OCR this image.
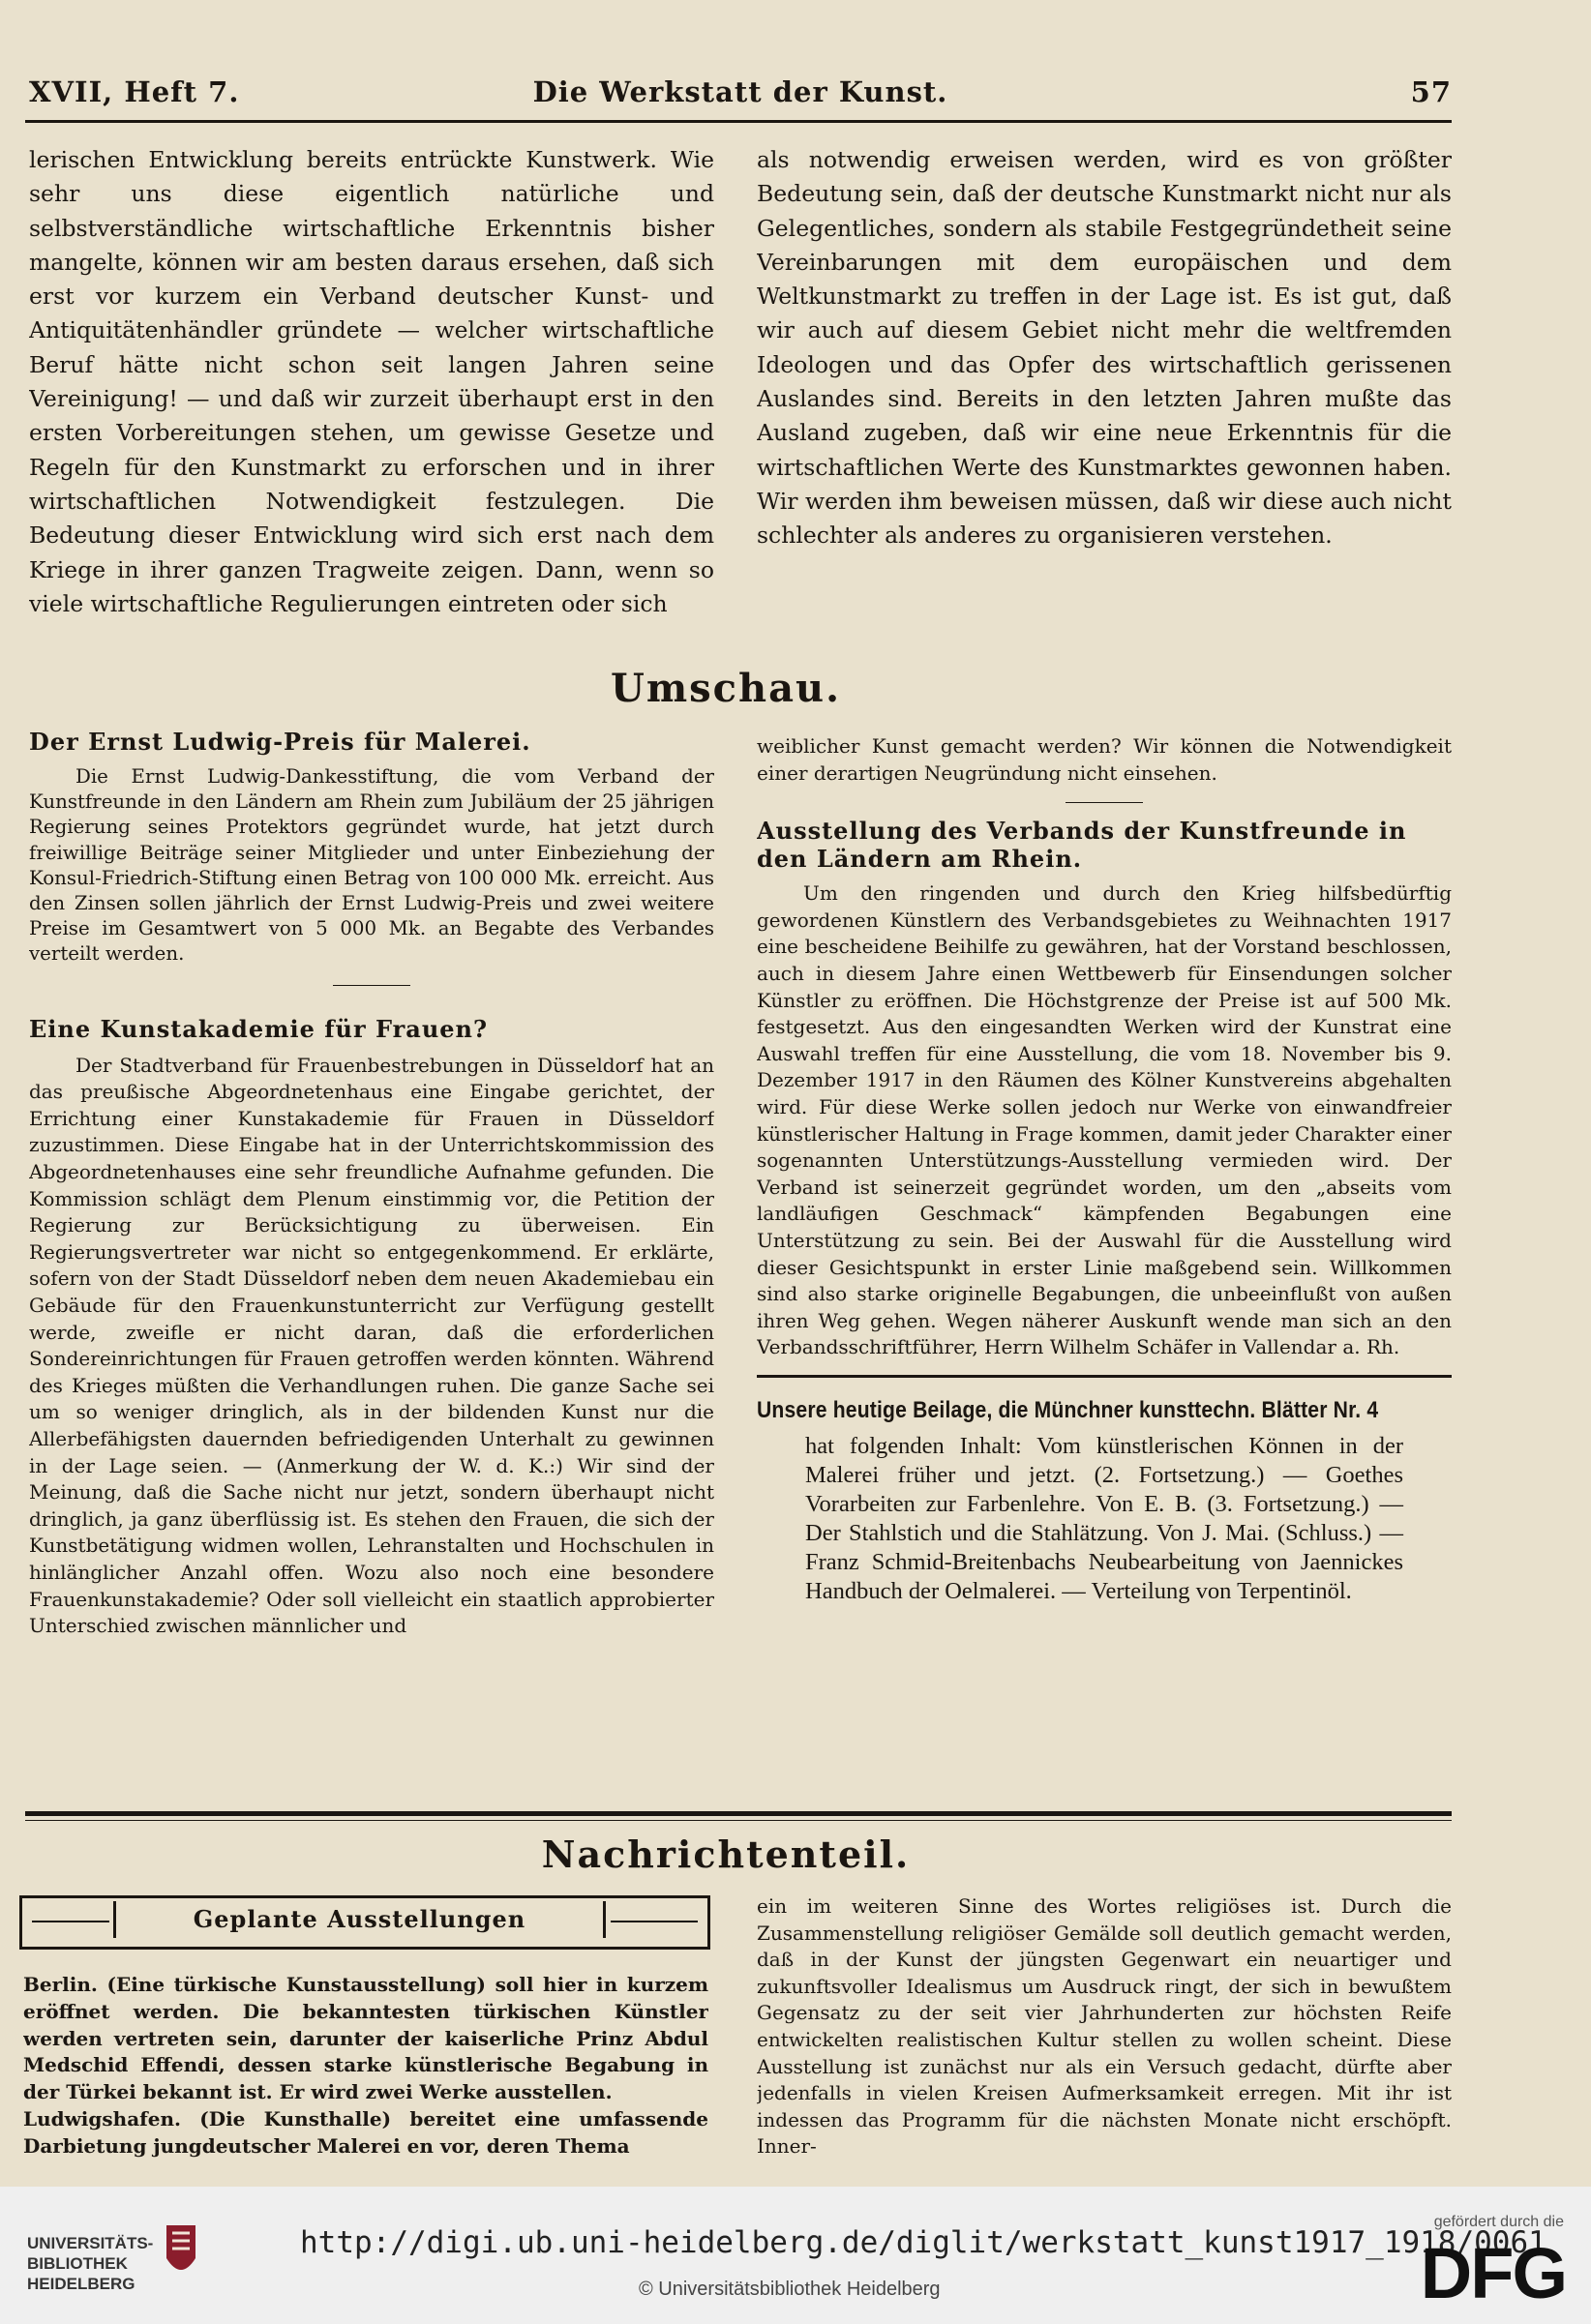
XVII, Heft 7.	Die Werkstatt der Kunst.	57

lerischen Entwicklung bereits entrückte Kunstwerk. Wie sehr uns diese eigentlich natürliche und selbstverständliche wirtschaftliche Erkenntnis bisher mangelte, können wir am besten daraus ersehen, daß sich erst vor kurzem ein Verband deutscher Kunst- und Antiquitätenhändler gründete — welcher wirtschaftliche Beruf hätte nicht schon seit langen Jahren seine Vereinigung! — und daß wir zurzeit überhaupt erst in den ersten Vorbereitungen stehen, um gewisse Gesetze und Regeln für den Kunstmarkt zu erforschen und in ihrer wirtschaftlichen Notwendigkeit festzulegen. Die Bedeutung dieser Entwicklung wird sich erst nach dem Kriege in ihrer ganzen Tragweite zeigen. Dann, wenn so viele wirtschaftliche Regulierungen eintreten oder sich

als notwendig erweisen werden, wird es von größter Bedeutung sein, daß der deutsche Kunstmarkt nicht nur als Gelegentliches, sondern als stabile Festgegründetheit seine Vereinbarungen mit dem europäischen und dem Weltkunstmarkt zu treffen in der Lage ist. Es ist gut, daß wir auch auf diesem Gebiet nicht mehr die weltfremden Ideologen und das Opfer des wirtschaftlich gerissenen Auslandes sind. Bereits in den letzten Jahren mußte das Ausland zugeben, daß wir eine neue Erkenntnis für die wirtschaftlichen Werte des Kunstmarktes gewonnen haben. Wir werden ihm beweisen müssen, daß wir diese auch nicht schlechter als anderes zu organisieren verstehen.

Umschau.

Der Ernst Ludwig-Preis für Malerei.

Die Ernst Ludwig-Dankesstiftung, die vom Verband der Kunstfreunde in den Ländern am Rhein zum Jubiläum der 25 jährigen Regierung seines Protektors gegründet wurde, hat jetzt durch freiwillige Beiträge seiner Mitglieder und unter Einbeziehung der Konsul-Friedrich-Stiftung einen Betrag von 100 000 Mk. erreicht. Aus den Zinsen sollen jährlich der Ernst Ludwig-Preis und zwei weitere Preise im Gesamtwert von 5 000 Mk. an Begabte des Verbandes verteilt werden.

Eine Kunstakademie für Frauen?

Der Stadtverband für Frauenbestrebungen in Düsseldorf hat an das preußische Abgeordnetenhaus eine Eingabe gerichtet, der Errichtung einer Kunstakademie für Frauen in Düsseldorf zuzustimmen. Diese Eingabe hat in der Unterrichtskommission des Abgeordnetenhauses eine sehr freundliche Aufnahme gefunden. Die Kommission schlägt dem Plenum einstimmig vor, die Petition der Regierung zur Berücksichtigung zu überweisen. Ein Regierungsvertreter war nicht so entgegenkommend. Er erklärte, sofern von der Stadt Düsseldorf neben dem neuen Akademiebau ein Gebäude für den Frauenkunstunterricht zur Verfügung gestellt werde, zweifle er nicht daran, daß die erforderlichen Sondereinrichtungen für Frauen getroffen werden könnten. Während des Krieges müßten die Verhandlungen ruhen. Die ganze Sache sei um so weniger dringlich, als in der bildenden Kunst nur die Allerbefähigsten dauernden befriedigenden Unterhalt zu gewinnen in der Lage seien. — (Anmerkung der W. d. K.:) Wir sind der Meinung, daß die Sache nicht nur jetzt, sondern überhaupt nicht dringlich, ja ganz überflüssig ist. Es stehen den Frauen, die sich der Kunstbetätigung widmen wollen, Lehranstalten und Hochschulen in hinlänglicher Anzahl offen. Wozu also noch eine besondere Frauenkunstakademie? Oder soll vielleicht ein staatlich approbierter Unterschied zwischen männlicher und

weiblicher Kunst gemacht werden? Wir können die Notwendigkeit einer derartigen Neugründung nicht einsehen.

Ausstellung des Verbands der Kunstfreunde in
den Ländern am Rhein.

Um den ringenden und durch den Krieg hilfsbedürftig gewordenen Künstlern des Verbandsgebietes zu Weihnachten 1917 eine bescheidene Beihilfe zu gewähren, hat der Vorstand beschlossen, auch in diesem Jahre einen Wettbewerb für Einsendungen solcher Künstler zu eröffnen. Die Höchstgrenze der Preise ist auf 500 Mk. festgesetzt. Aus den eingesandten Werken wird der Kunstrat eine Auswahl treffen für eine Ausstellung, die vom 18. November bis 9. Dezember 1917 in den Räumen des Kölner Kunstvereins abgehalten wird. Für diese Werke sollen jedoch nur Werke von einwandfreier künstlerischer Haltung in Frage kommen, damit jeder Charakter einer sogenannten Unterstützungs-Ausstellung vermieden wird. Der Verband ist seinerzeit gegründet worden, um den „abseits vom landläufigen Geschmack“ kämpfenden Begabungen eine Unterstützung zu sein. Bei der Auswahl für die Ausstellung wird dieser Gesichtspunkt in erster Linie maßgebend sein. Willkommen sind also starke originelle Begabungen, die unbeeinflußt von außen ihren Weg gehen. Wegen näherer Auskunft wende man sich an den Verbandsschriftführer, Herrn Wilhelm Schäfer in Vallendar a. Rh.

Unsere heutige Beilage, die Münchner kunsttechn. Blätter Nr. 4

hat folgenden Inhalt: Vom künstlerischen Können in der Malerei früher und jetzt. (2. Fortsetzung.) — Goethes Vorarbeiten zur Farbenlehre. Von E. B. (3. Fortsetzung.) — Der Stahlstich und die Stahlätzung. Von J. Mai. (Schluss.) — Franz Schmid-Breitenbachs Neubearbeitung von Jaennickes Handbuch der Oelmalerei. — Verteilung von Terpentinöl.

Nachrichtenteil.
Geplante Ausstellungen

Berlin. (Eine türkische Kunstausstellung) soll hier in kurzem eröffnet werden. Die bekanntesten türkischen Künstler werden vertreten sein, darunter der kaiserliche Prinz Abdul Medschid Effendi, dessen starke künstlerische Begabung in der Türkei bekannt ist. Er wird zwei Werke ausstellen.

Ludwigshafen. (Die Kunsthalle) bereitet eine umfassende Darbietung jungdeutscher Malerei en vor, deren Thema

ein im weiteren Sinne des Wortes religiöses ist. Durch die Zusammenstellung religiöser Gemälde soll deutlich gemacht werden, daß in der Kunst der jüngsten Gegenwart ein neuartiger und zukunftsvoller Idealismus um Ausdruck ringt, der sich in bewußtem Gegensatz zu der seit vier Jahrhunderten zur höchsten Reife entwickelten realistischen Kultur stellen zu wollen scheint. Diese Ausstellung ist zunächst nur als ein Versuch gedacht, dürfte aber jedenfalls in vielen Kreisen Aufmerksamkeit erregen. Mit ihr ist indessen das Programm für die nächsten Monate nicht erschöpft. Inner-

UNIVERSITÄTS-
BIBLIOTHEK
HEIDELBERG
http://digi.ub.uni-heidelberg.de/diglit/werkstatt_kunst1917_1918/0061
© Universitätsbibliothek Heidelberg
gefördert durch die
DFG
